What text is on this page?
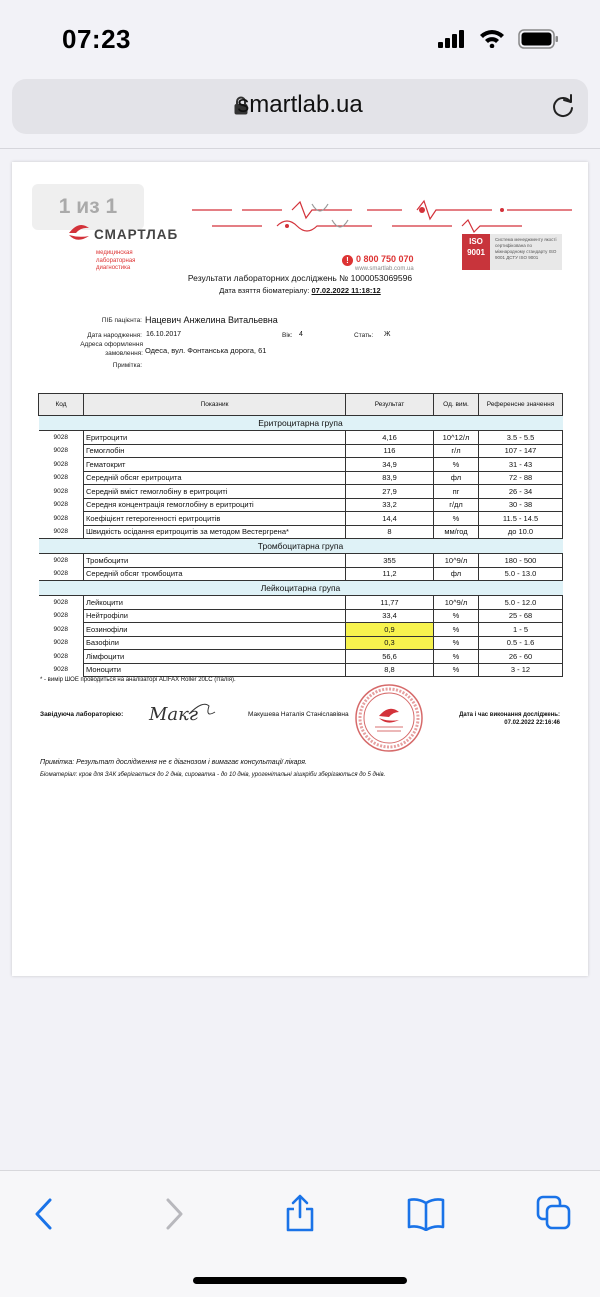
07:23
smartlab.ua
1 из 1
СМАРТЛАБ
медицинская лабораторная диагностика
! 0 800 750 070
www.smartlab.com.ua
ISO 9001
Система менеджменту якості сертифікована по міжнародному стандарту ISO 9001 ДСТУ ISO 9001
Результати лабораторних досліджень № 1000053069596
Дата взяття біоматеріалу: 07.02.2022 11:18:12
ПІБ пацієнта: Нацевич Анжелина Витальевна
Дата народження: 16.10.2017	Вік: 4	Стать: Ж
Адреса оформлення замовлення: Одеса, вул. Фонтанська дорога, 61
Примітка:
Код	Показник	Результат	Од. вим.	Референсне значення
Еритроцитарна група				
9028	Еритроцити	4,16	10^12/л	3.5 - 5.5
9028	Гемоглобін	116	г/л	107 - 147
9028	Гематокрит	34,9	%	31 - 43
9028	Середній обсяг еритроцита	83,9	фл	72 - 88
9028	Середній вміст гемоглобіну в еритроциті	27,9	пг	26 - 34
9028	Середня концентрація гемоглобіну в еритроциті	33,2	г/дл	30 - 38
9028	Коефіцієнт гетерогенності еритроцитів	14,4	%	11.5 - 14.5
9028	Швидкість осідання еритроцитів за методом Вестергрена*	8	мм/год	до 10.0
Тромбоцитарна група				
9028	Тромбоцити	355	10^9/л	180 - 500
9028	Середній обсяг тромбоцита	11,2	фл	5.0 - 13.0
Лейкоцитарна група				
9028	Лейкоцити	11,77	10^9/л	5.0 - 12.0
9028	Нейтрофіли	33,4	%	25 - 68
9028	Еозинофіли	0,9	%	1 - 5
9028	Базофіли	0,3	%	0.5 - 1.6
9028	Лімфоцити	56,6	%	26 - 60
9028	Моноцити	8,8	%	3 - 12
* - вимір ШОЕ проводиться на аналізаторі ALIFAX Roller 20LC (Італія).
Завідуюча лабораторією: Макг	Макушева Наталія Станіславівна	Дата і час виконання досліджень:
07.02.2022 22:16:46
Примітка: Результат дослідження не є діагнозом і вимагає консультації лікаря.
Біоматеріал: кров для ЗАК зберігається до 2 днів, сироватка - до 10 днів, урогенітальні зішкрiби зберігаються до 5 днів.
